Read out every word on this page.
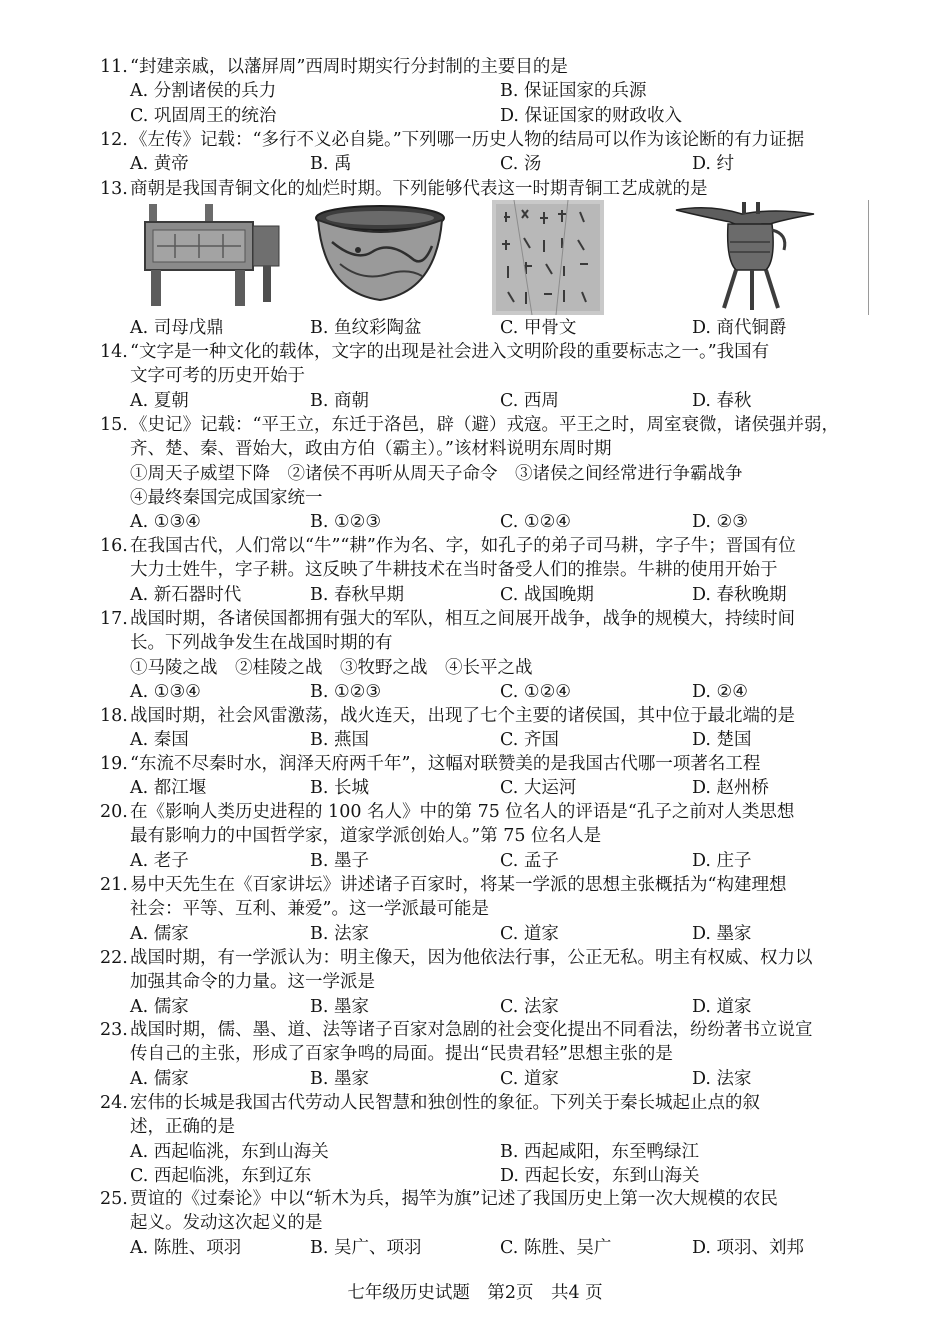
11. “封建亲戚，以藩屏周”西周时期实行分封制的主要目的是
A. 分割诸侯的兵力	B. 保证国家的兵源
C. 巩固周王的统治	D. 保证国家的财政收入
12. 《左传》记载：“多行不义必自毙。”下列哪一历史人物的结局可以作为该论断的有力证据
A. 黄帝	B. 禹	C. 汤	D. 纣
13. 商朝是我国青铜文化的灿烂时期。下列能够代表这一时期青铜工艺成就的是
A. 司母戊鼎	B. 鱼纹彩陶盆	C. 甲骨文	D. 商代铜爵
14. “文字是一种文化的载体，文字的出现是社会进入文明阶段的重要标志之一。”我国有
文字可考的历史开始于
A. 夏朝	B. 商朝	C. 西周	D. 春秋
15. 《史记》记载：“平王立，东迁于洛邑，辟（避）戎寇。平王之时，周室衰微，诸侯强并弱，
齐、楚、秦、晋始大，政由方伯（霸主）。”该材料说明东周时期
①周天子威望下降　②诸侯不再听从周天子命令　③诸侯之间经常进行争霸战争
④最终秦国完成国家统一
A. ①③④	B. ①②③	C. ①②④	D. ②③
16. 在我国古代，人们常以“牛”“耕”作为名、字，如孔子的弟子司马耕，字子牛；晋国有位
大力士姓牛，字子耕。这反映了牛耕技术在当时备受人们的推崇。牛耕的使用开始于
A. 新石器时代	B. 春秋早期	C. 战国晚期	D. 春秋晚期
17. 战国时期，各诸侯国都拥有强大的军队，相互之间展开战争，战争的规模大，持续时间
长。下列战争发生在战国时期的有
①马陵之战　②桂陵之战　③牧野之战　④长平之战
A. ①③④	B. ①②③	C. ①②④	D. ②④
18. 战国时期，社会风雷激荡，战火连天，出现了七个主要的诸侯国，其中位于最北端的是
A. 秦国	B. 燕国	C. 齐国	D. 楚国
19. “东流不尽秦时水，润泽天府两千年”，这幅对联赞美的是我国古代哪一项著名工程
A. 都江堰	B. 长城	C. 大运河	D. 赵州桥
20. 在《影响人类历史进程的 100 名人》中的第 75 位名人的评语是“孔子之前对人类思想
最有影响力的中国哲学家，道家学派创始人。”第 75 位名人是
A. 老子	B. 墨子	C. 孟子	D. 庄子
21. 易中天先生在《百家讲坛》讲述诸子百家时，将某一学派的思想主张概括为“构建理想
社会：平等、互利、兼爱”。这一学派最可能是
A. 儒家	B. 法家	C. 道家	D. 墨家
22. 战国时期，有一学派认为：明主像天，因为他依法行事，公正无私。明主有权威、权力以
加强其命令的力量。这一学派是
A. 儒家	B. 墨家	C. 法家	D. 道家
23. 战国时期，儒、墨、道、法等诸子百家对急剧的社会变化提出不同看法，纷纷著书立说宣
传自己的主张，形成了百家争鸣的局面。提出“民贵君轻”思想主张的是
A. 儒家	B. 墨家	C. 道家	D. 法家
24. 宏伟的长城是我国古代劳动人民智慧和独创性的象征。下列关于秦长城起止点的叙
述，正确的是
A. 西起临洮，东到山海关	B. 西起咸阳，东至鸭绿江
C. 西起临洮，东到辽东	D. 西起长安，东到山海关
25. 贾谊的《过秦论》中以“斩木为兵，揭竿为旗”记述了我国历史上第一次大规模的农民
起义。发动这次起义的是
A. 陈胜、项羽	B. 吴广、项羽	C. 陈胜、吴广	D. 项羽、刘邦
七年级历史试题　第2页　共4 页
